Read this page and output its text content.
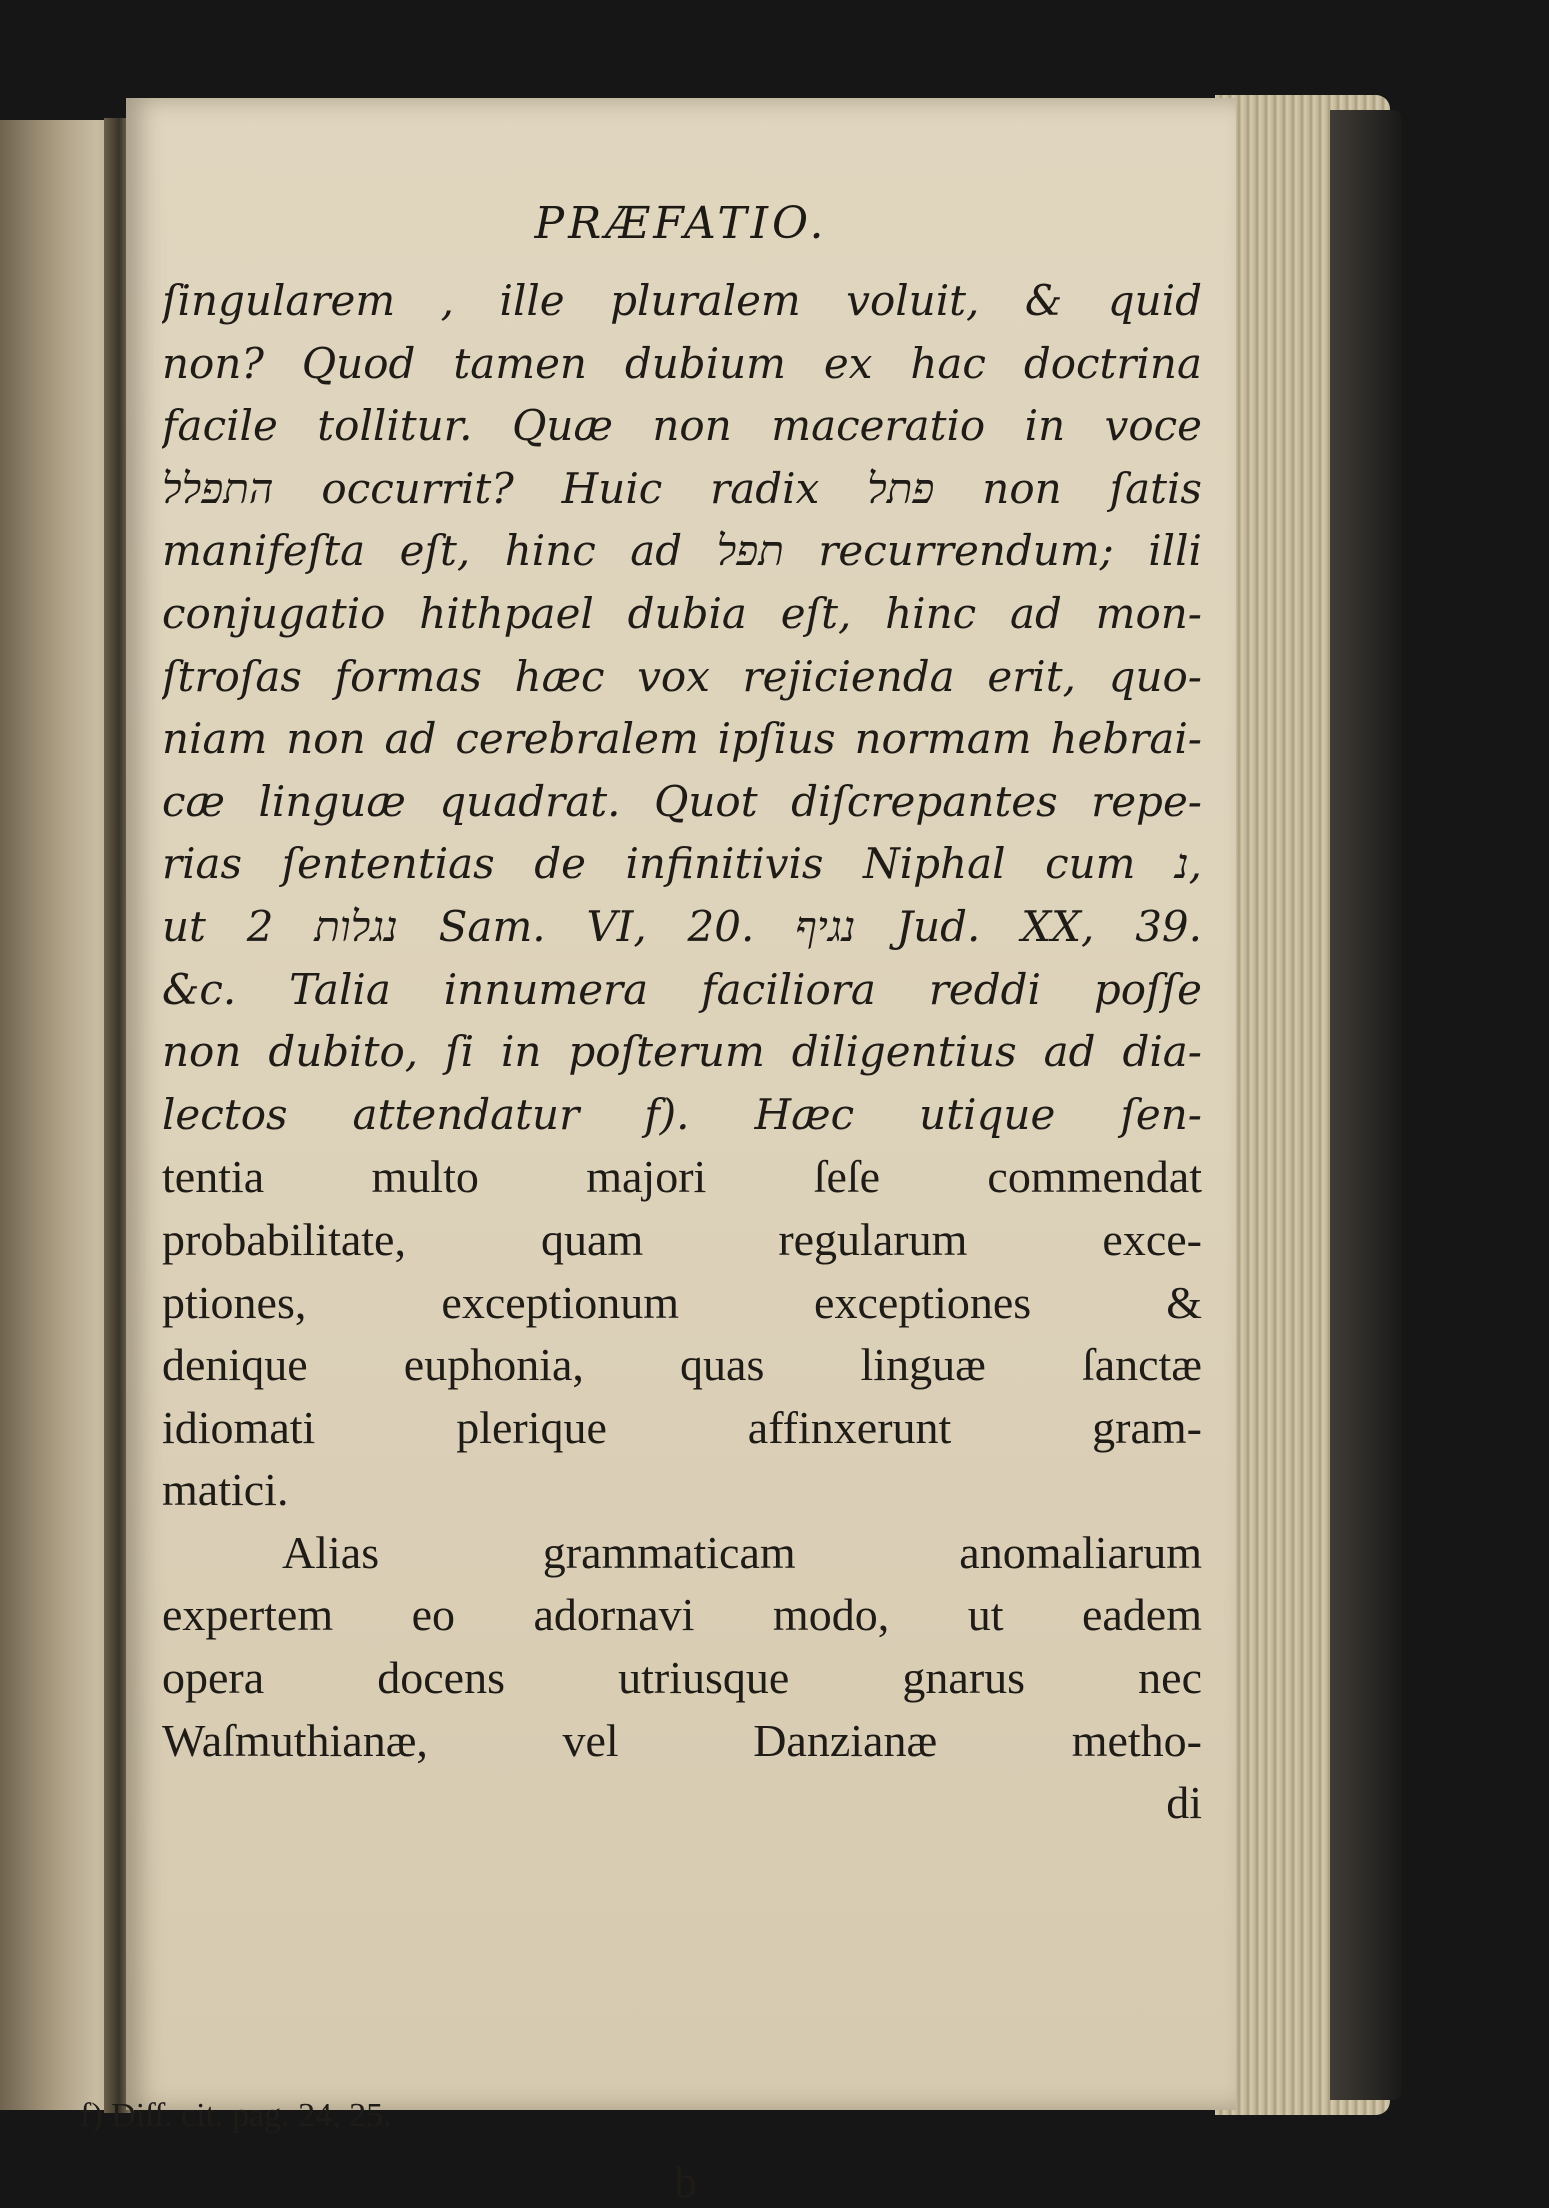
PRÆFATIO.
ſingularem , ille pluralem voluit, & quid
non? Quod tamen dubium ex hac doctrina
facile tollitur. Quæ non maceratio in voce
התפלל occurrit? Huic radix פתל non ſatis
manifeſta eſt, hinc ad תפל recurrendum; illi
conjugatio hithpael dubia eſt, hinc ad mon-
ſtroſas formas hæc vox rejicienda erit, quo-
niam non ad cerebralem ipſius normam hebrai-
cæ linguæ quadrat. Quot diſcrepantes repe-
rias ſententias de infinitivis Niphal cum נ,
ut נגלות 2 Sam. VI, 20. נגיף Jud. XX, 39.
&c. Talia innumera faciliora reddi poſſe
non dubito, ſi in poſterum diligentius ad dia-
lectos attendatur f). Hæc utique ſen-
tentia multo majori ſeſe commendat
probabilitate, quam regularum exce-
ptiones, exceptionum exceptiones &
denique euphonia, quas linguæ ſanctæ
idiomati plerique affinxerunt gram-
matici.
Alias grammaticam anomaliarum
expertem eo adornavi modo, ut eadem
opera docens utriusque gnarus nec
Waſmuthianæ, vel Danzianæ metho-
di
f) Diſſ. cit. pag. 24, 25.
b
